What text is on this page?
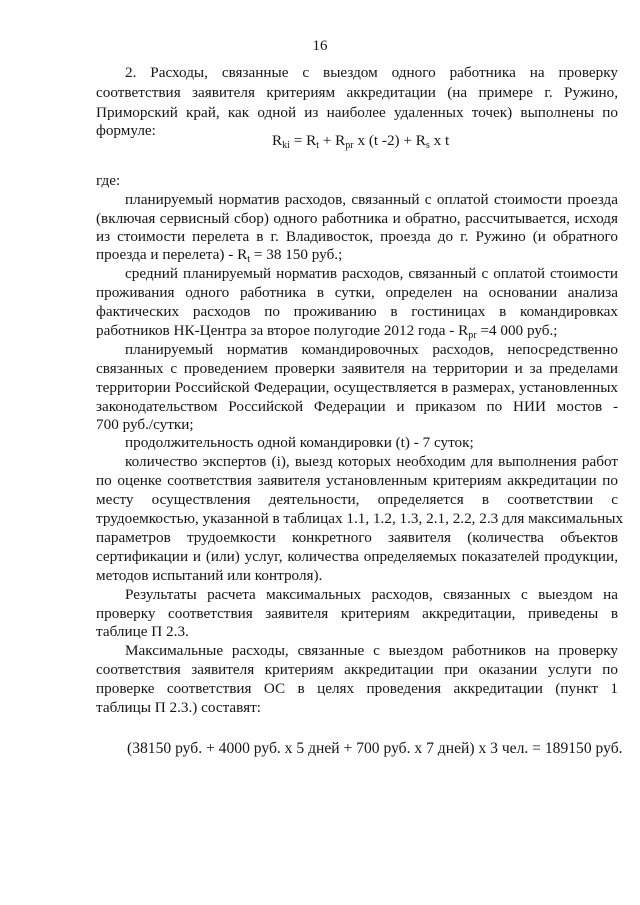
16
2. Расходы, связанные с выездом одного работника на проверку
соответствия заявителя критериям аккредитации (на примере г. Ружино,
Приморский край, как одной из наиболее удаленных точек) выполнены по
формуле:
$R_{ki} = R_t + R_{pr}$ x (t $-2) + R_s$ x t
где:
планируемый норматив расходов, связанный с оплатой стоимости проезда
(включая сервисный сбор) одного работника и обратно, рассчитывается, исходя
из стоимости перелета в г. Владивосток, проезда до г. Ружино (и обратного
проезда и перелета) - $R_t = 38$ 150 руб.;
средний планируемый норматив расходов, связанный с оплатой стоимости
проживания одного работника в сутки, определен на основании анализа
фактических расходов по проживанию в гостиницах в командировках
работников НК-Центра за второе полугодие 2012 года - $R_{pr} =4$ 000 руб.;
планируемый норматив командировочных расходов, непосредственно
связанных с проведением проверки заявителя на территории и за пределами
территории Российской Федерации, осуществляется в размерах, установленных
законодательством Российской Федерации и приказом по НИИ мостов -
700 руб./сутки;
продолжительность одной командировки (t) - 7 суток;
количество экспертов (i), выезд которых необходим для выполнения работ
по оценке соответствия заявителя установленным критериям аккредитации по
месту осуществления деятельности, определяется в соответствии с
трудоемкостью, указанной в таблицах 1.1, 1.2, 1.3, 2.1, 2.2, 2.3 для максимальных
параметров трудоемкости конкретного заявителя (количества объектов
сертификации и (или) услуг, количества определяемых показателей продукции,
методов испытаний или контроля).
Результаты расчета максимальных расходов, связанных с выездом на
проверку соответствия заявителя критериям аккредитации, приведены в
таблице П 2.3.
Максимальные расходы, связанные с выездом работников на проверку
соответствия заявителя критериям аккредитации при оказании услуги по
проверке соответствия ОС в целях проведения аккредитации (пункт 1
таблицы П 2.3.) составят:
(38150 руб. + 4000 руб. х 5 дней + 700 руб. х 7 дней) х 3 чел. = 189150 руб.
